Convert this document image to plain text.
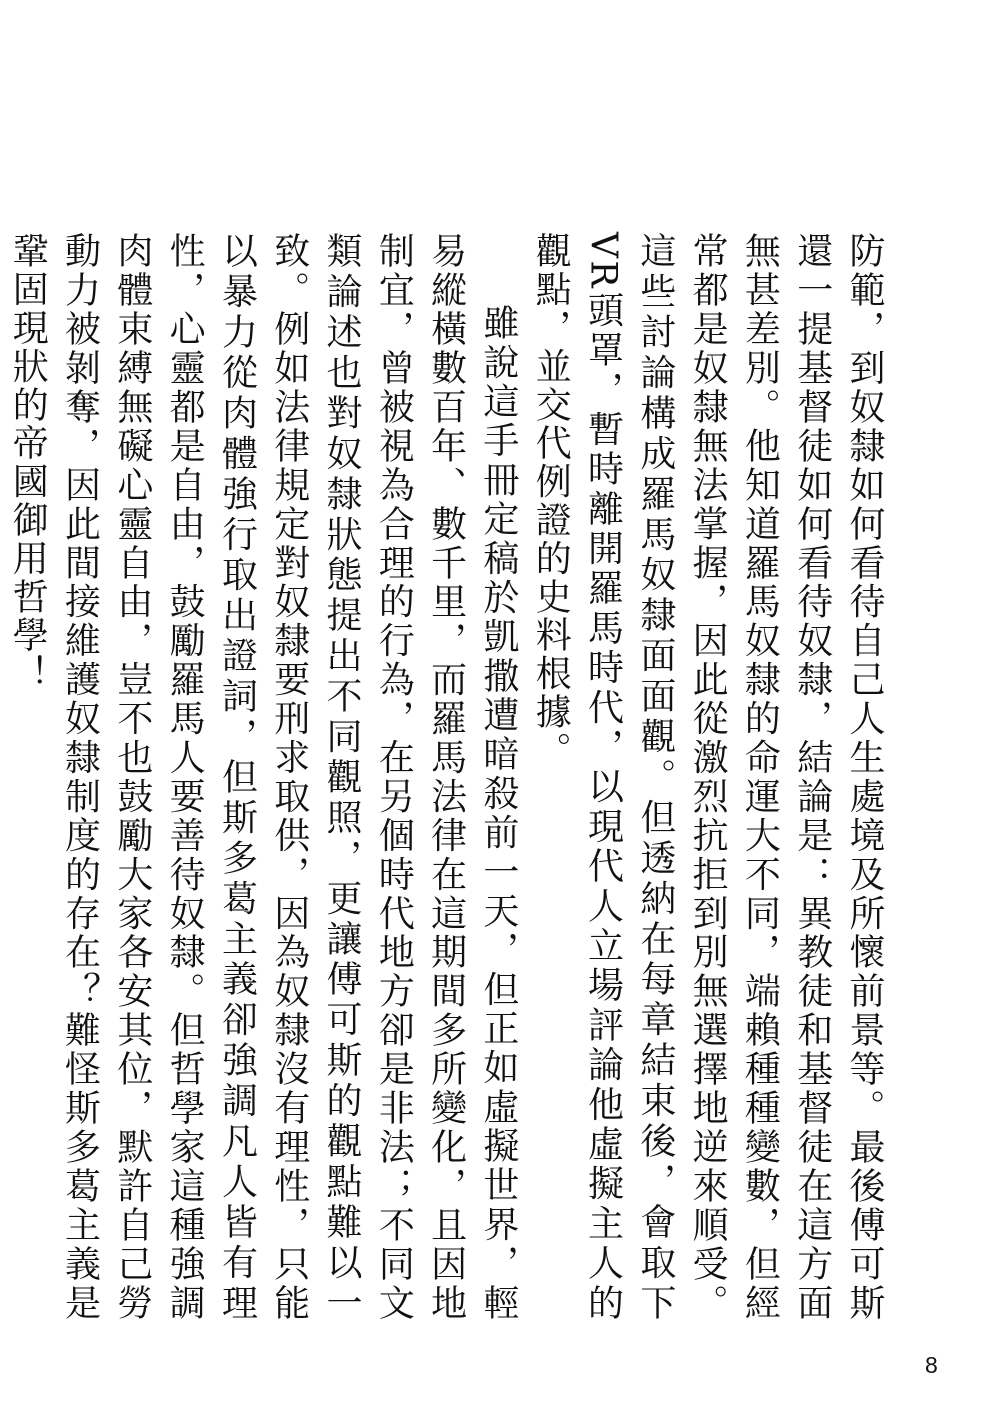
防範，到奴隸如何看待自己人生處境及所懷前景等。最後傅可斯還一提基督徒如何看待奴隸，結論是：異教徒和基督徒在這方面無甚差別。他知道羅馬奴隸的命運大不同，端賴種種變數，但經常都是奴隸無法掌握，因此從激烈抗拒到別無選擇地逆來順受。這些討論構成羅馬奴隸面面觀。但透納在每章結束後，會取下VR頭罩，暫時離開羅馬時代，以現代人立場評論他虛擬主人的觀點，並交代例證的史料根據。

雖說這手冊定稿於凱撒遭暗殺前一天，但正如虛擬世界，輕易縱橫數百年、數千里，而羅馬法律在這期間多所變化，且因地制宜，曾被視為合理的行為，在另個時代地方卻是非法；不同文類論述也對奴隸狀態提出不同觀照，更讓傅可斯的觀點難以一致。例如法律規定對奴隸要刑求取供，因為奴隸沒有理性，只能以暴力從肉體強行取出證詞，但斯多葛主義卻強調凡人皆有理性，心靈都是自由，鼓勵羅馬人要善待奴隸。但哲學家這種強調肉體束縛無礙心靈自由，豈不也鼓勵大家各安其位，默許自己勞動力被剝奪，因此間接維護奴隸制度的存在？難怪斯多葛主義是鞏固現狀的帝國御用哲學！

8
